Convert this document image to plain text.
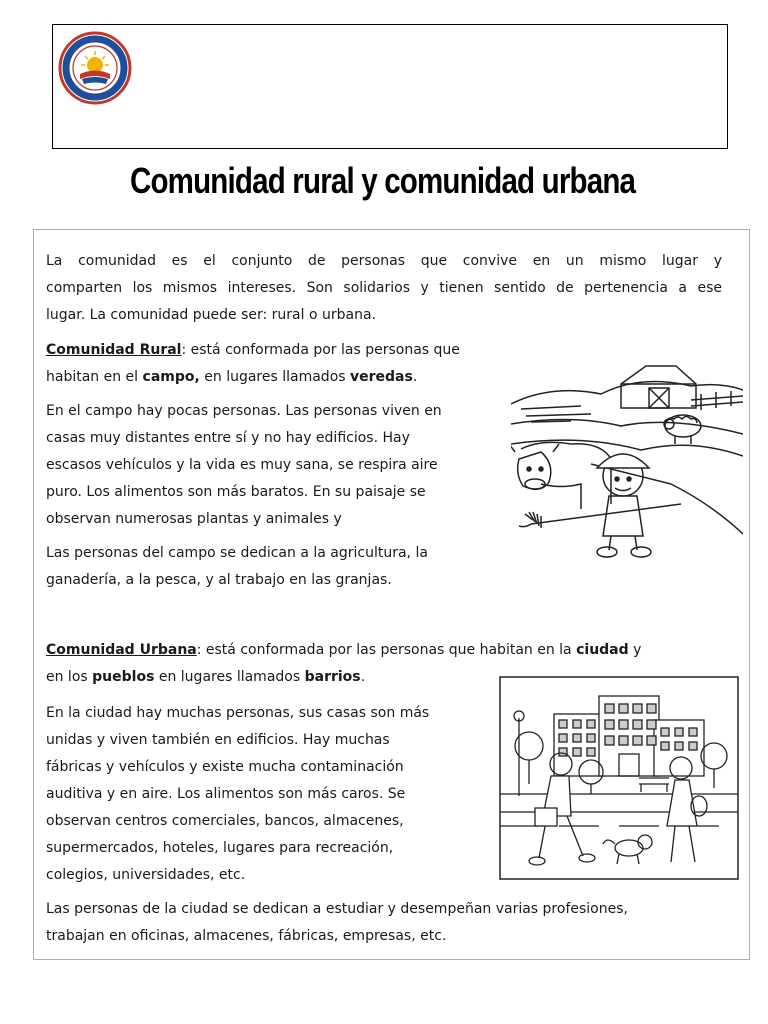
Comunidad rural y comunidad urbana
La comunidad es el conjunto de personas que convive en un mismo lugar y
comparten los mismos intereses. Son solidarios y tienen sentido de pertenencia a ese
lugar. La comunidad puede ser: rural o urbana.
Comunidad Rural: está conformada por las personas que
habitan en el campo, en lugares llamados veredas.
En el campo hay pocas personas. Las personas viven en
casas muy distantes entre sí y no hay edificios. Hay
escasos vehículos y la vida es muy sana, se respira aire
puro. Los alimentos son más baratos. En su paisaje se
observan numerosas plantas y animales y
Las personas del campo se dedican a la agricultura, la
ganadería, a la pesca, y al trabajo en las granjas.
Comunidad Urbana: está conformada por las personas que habitan en la ciudad y
en los pueblos en lugares llamados barrios.
En la ciudad hay muchas personas, sus casas son más
unidas y viven también en edificios. Hay muchas
fábricas y vehículos y existe mucha contaminación
auditiva y en aire. Los alimentos son más caros. Se
observan centros comerciales, bancos, almacenes,
supermercados, hoteles, lugares para recreación,
colegios, universidades, etc.
Las personas de la ciudad se dedican a estudiar y desempeñan varias profesiones,
trabajan en oficinas, almacenes, fábricas, empresas, etc.
